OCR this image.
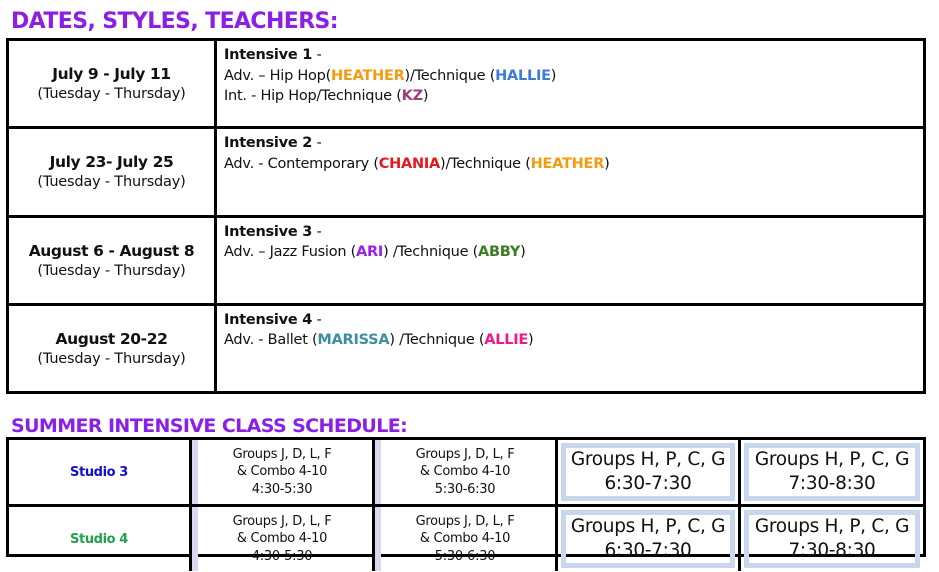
DATES, STYLES, TEACHERS:
July 9 - July 11
(Tuesday - Thursday)
Intensive 1 -
Adv. – Hip Hop(HEATHER)/Technique (HALLIE)
Int. - Hip Hop/Technique (KZ)
July 23- July 25
(Tuesday - Thursday)
Intensive 2 -
Adv. - Contemporary (CHANIA)/Technique (HEATHER)
August 6 - August 8
(Tuesday - Thursday)
Intensive 3 -
Adv. – Jazz Fusion (ARI) /Technique (ABBY)
August 20-22
(Tuesday - Thursday)
Intensive 4 -
Adv. - Ballet (MARISSA) /Technique (ALLIE)
SUMMER INTENSIVE CLASS SCHEDULE:
Studio 3
Groups J, D, L, F
& Combo 4-10
4:30-5:30
Groups J, D, L, F
& Combo 4-10
5:30-6:30
Groups H, P, C, G
6:30-7:30
Groups H, P, C, G
7:30-8:30
Studio 4
Groups J, D, L, F
& Combo 4-10
4:30-5:30
Groups J, D, L, F
& Combo 4-10
5:30-6:30
Groups H, P, C, G
6:30-7:30
Groups H, P, C, G
7:30-8:30
